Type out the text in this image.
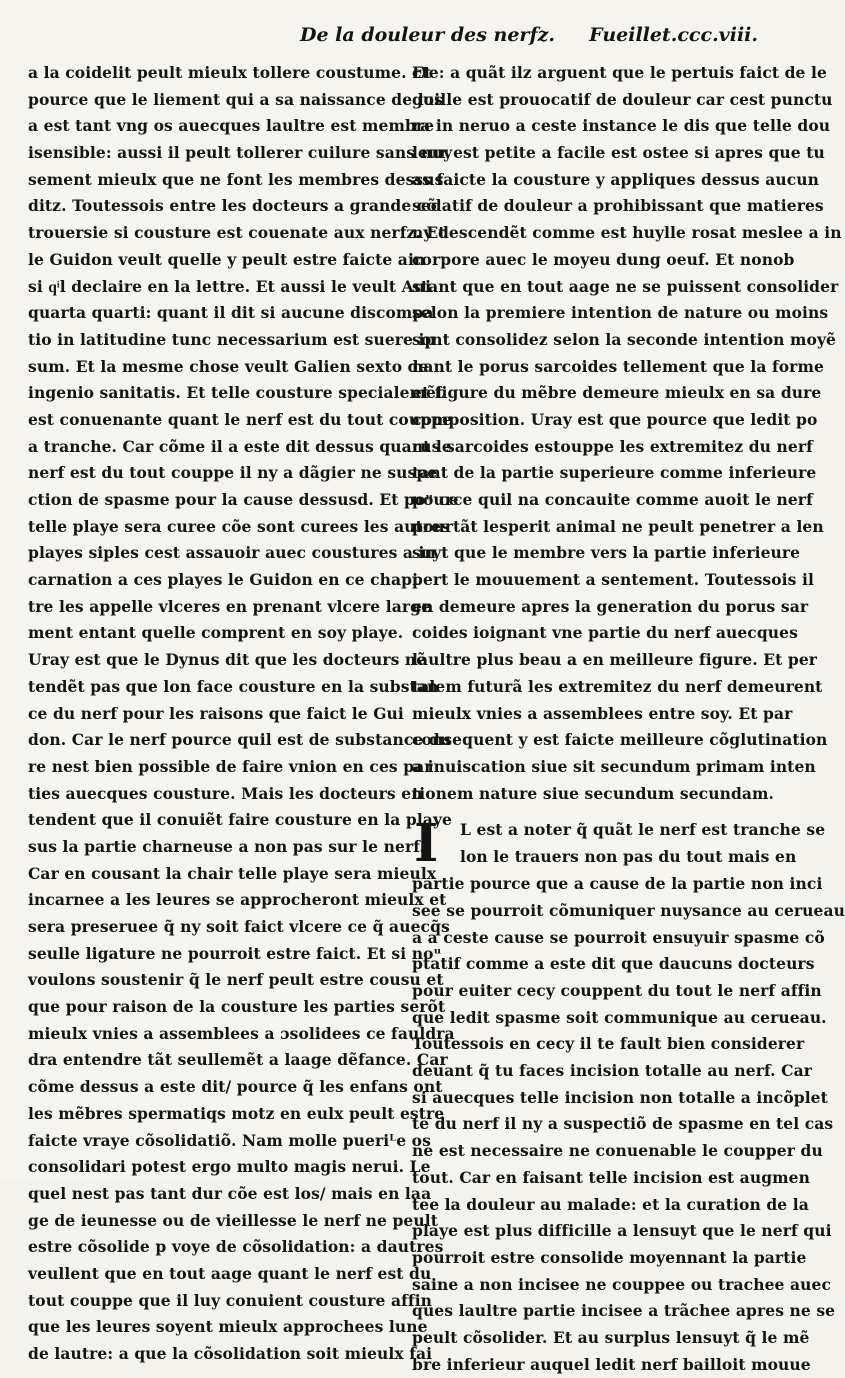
De la douleur des nerfz. Fueillet.ccc.viii.
a la coidelit peult mieulx tollere coustume. Et
pource que le liement qui a sa naissance de los
a est tant vng os auecques laultre est membre
isensible: aussi il peult tollerer cuilure sans nuy
sement mieulx que ne font les membres dessus
ditz. Toutessois entre les docteurs a grande cõ
trouersie si cousture est couenate aux nerfz. Et
le Guidon veult quelle y peult estre faicte ain
si qͥl declaire en la lettre. Et aussi le veult Aui
quarta quarti: quant il dit si aucune discompa
tio in latitudine tunc necessarium est suere ip
sum. Et la mesme chose veult Galien sexto de
ingenio sanitatis. Et telle cousture specialemẽt
est conuenante quant le nerf est du tout couppe
a tranche. Car cõme il a este dit dessus quant le
nerf est du tout couppe il ny a dãgier ne suspe
ction de spasme pour la cause dessusd. Et poᵘ ce
telle playe sera curee cõe sont curees les autres
playes siples cest assauoir auec coustures a in
carnation a ces playes le Guidon en ce chapi
tre les appelle vlceres en prenant vlcere large
ment entant quelle comprent en soy playe.
Uray est que le Dynus dit que les docteurs nẽ
tendẽt pas que lon face cousture en la substan
ce du nerf pour les raisons que faict le Gui
don. Car le nerf pource quil est de substance du
re nest bien possible de faire vnion en ces par
ties auecques cousture. Mais les docteurs en
tendent que il conuiẽt faire cousture en la playe
sus la partie charneuse a non pas sur le nerf.
Car en cousant la chair telle playe sera mieulx
incarnee a les leures se approcheront mieulx et
sera preseruee q̃ ny soit faict vlcere ce q̃ auecq̃s
seulle ligature ne pourroit estre faict. Et si noᵘ
voulons soustenir q̃ le nerf peult estre cousu et
que pour raison de la cousture les parties serõt
mieulx vnies a assemblees a ɔsolidees ce fauldra
dra entendre tãt seullemẽt a laage dẽfance. Car
cõme dessus a este dit/ pource q̃ les enfans ont
les mẽbres spermatiqs motz en eulx peult estre
faicte vraye cõsolidatiõ. Nam molle pueriᴸe os
consolidari potest ergo multo magis nerui. Le
quel nest pas tant dur cõe est los/ mais en laa
ge de ieunesse ou de vieillesse le nerf ne peult
estre cõsolide p voye de cõsolidation: a dautres
veullent que en tout aage quant le nerf est du
tout couppe que il luy conuient cousture affin
que les leures soyent mieulx approchees lune
de lautre: a que la cõsolidation soit mieulx fai
cte: a quãt ilz arguent que le pertuis faict de le
guille est prouocatif de douleur car cest punctu
ra in neruo a ceste instance le dis que telle dou
leur est petite a facile est ostee si apres que tu
as faicte la cousture y appliques dessus aucun
sedatif de douleur a prohibissant que matieres
ny descendẽt comme est huylle rosat meslee a in
corpore auec le moyeu dung oeuf. Et nonob
stant que en tout aage ne se puissent consolider
selon la premiere intention de nature ou moins
sont consolidez selon la seconde intention moyẽ
nant le porus sarcoides tellement que la forme
et figure du mẽbre demeure mieulx en sa dure
composition. Uray est que pource que ledit po
rus sarcoides estouppe les extremitez du nerf
tant de la partie superieure comme inferieure
pource quil na concauite comme auoit le nerf
pourtãt lesperit animal ne peult penetrer a len
suyt que le membre vers la partie inferieure
pert le mouuement a sentement. Toutessois il
en demeure apres la generation du porus sar
coides ioignant vne partie du nerf auecques
laultre plus beau a en meilleure figure. Et per
talem futurã les extremitez du nerf demeurent
mieulx vnies a assemblees entre soy. Et par
consequent y est faicte meilleure cõglutination
a inuiscation siue sit secundum primam inten
tionem nature siue secundum secundam.
I	L est a noter q̃ quãt le nerf est tranche se
lon le trauers non pas du tout mais en
partie pource que a cause de la partie non inci
see se pourroit cõmuniquer nuysance au cerueau
a a ceste cause se pourroit ensuyuir spasme cõ
ptatif comme a este dit que daucuns docteurs
pour euiter cecy couppent du tout le nerf affin
que ledit spasme soit communique au cerueau.
Toutessois en cecy il te fault bien considerer
deuant q̃ tu faces incision totalle au nerf. Car
si auecques telle incision non totalle a incõplet
te du nerf il ny a suspectiõ de spasme en tel cas
ne est necessaire ne conuenable le coupper du
tout. Car en faisant telle incision est augmen
tee la douleur au malade: et la curation de la
playe est plus difficille a lensuyt que le nerf qui
pourroit estre consolide moyennant la partie
saine a non incisee ne couppee ou trachee auec
ques laultre partie incisee a trãchee apres ne se
peult cõsolider. Et au surplus lensuyt q̃ le mẽ
bre inferieur auquel ledit nerf bailloit mouue
